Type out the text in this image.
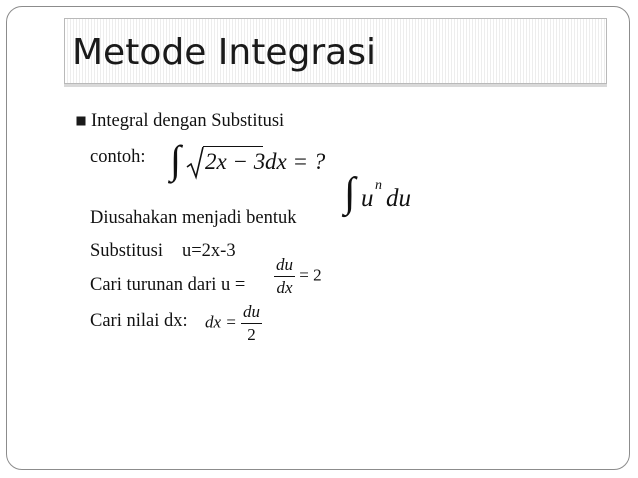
Metode Integrasi
Integral dengan Substitusi
contoh: ∫ 2x − 3 dx = ?
∫ u n du
Diusahakan menjadi bentuk
Substitusi u=2x-3
Cari turunan dari $u = \frac{du}{dx} = 2$
Cari nilai dx: dx = $\frac{du}{2}$
